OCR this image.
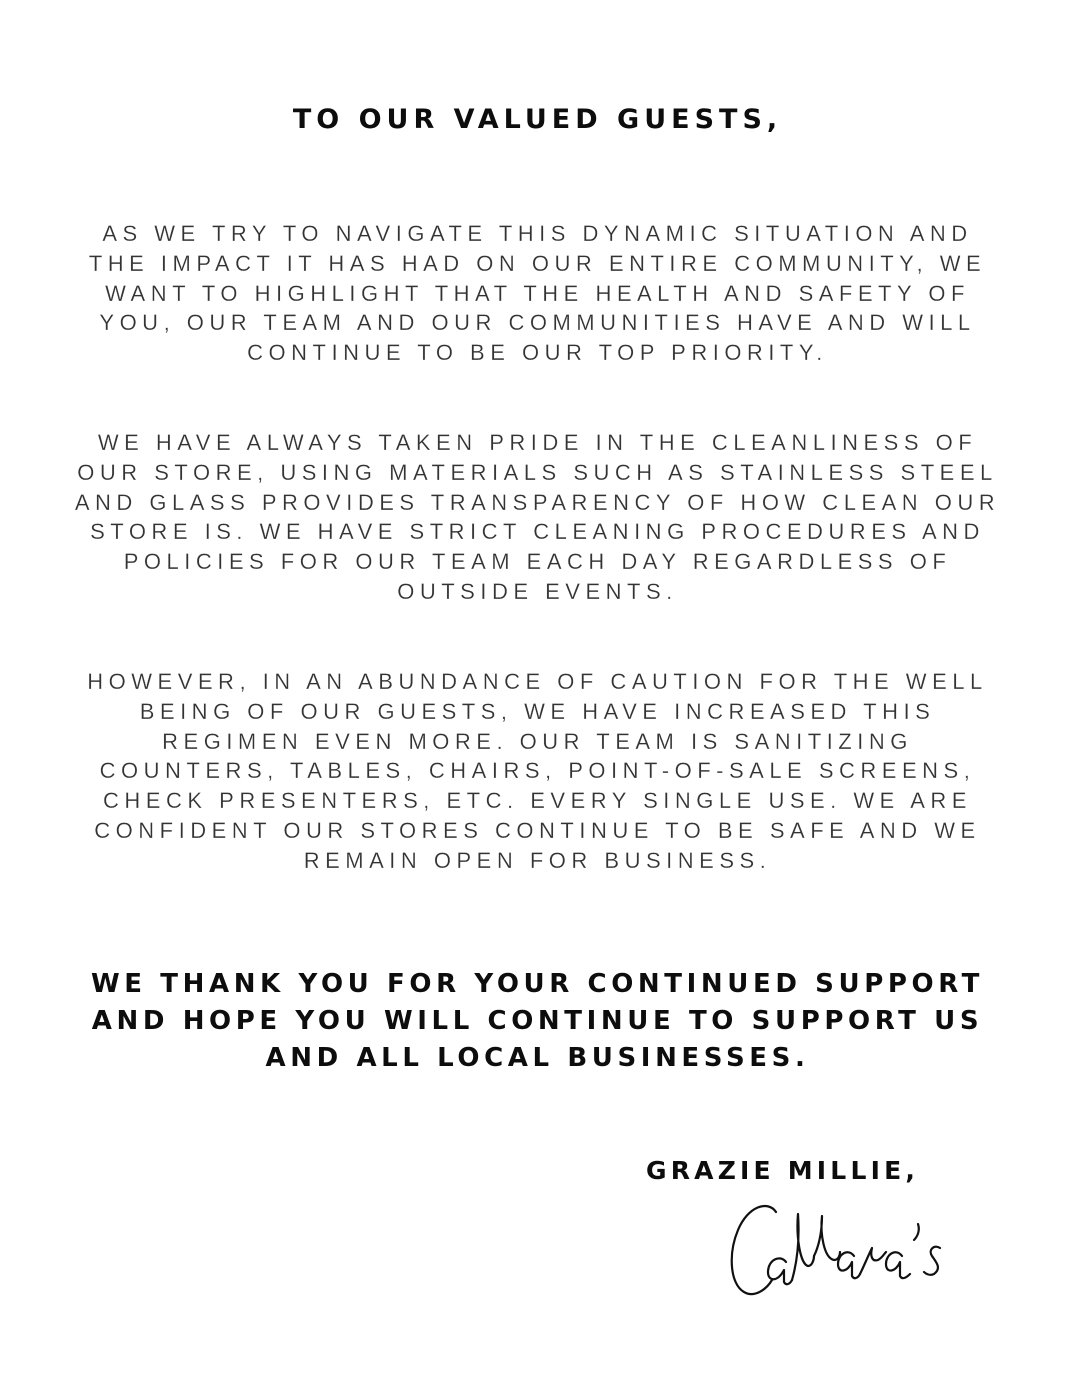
TO OUR VALUED GUESTS,
AS WE TRY TO NAVIGATE THIS DYNAMIC SITUATION AND
THE IMPACT IT HAS HAD ON OUR ENTIRE COMMUNITY, WE
WANT TO HIGHLIGHT THAT THE HEALTH AND SAFETY OF
YOU, OUR TEAM AND OUR COMMUNITIES HAVE AND WILL
CONTINUE TO BE OUR TOP PRIORITY.
WE HAVE ALWAYS TAKEN PRIDE IN THE CLEANLINESS OF
OUR STORE, USING MATERIALS SUCH AS STAINLESS STEEL
AND GLASS PROVIDES TRANSPARENCY OF HOW CLEAN OUR
STORE IS. WE HAVE STRICT CLEANING PROCEDURES AND
POLICIES FOR OUR TEAM EACH DAY REGARDLESS OF
OUTSIDE EVENTS.
HOWEVER, IN AN ABUNDANCE OF CAUTION FOR THE WELL
BEING OF OUR GUESTS, WE HAVE INCREASED THIS
REGIMEN EVEN MORE. OUR TEAM IS SANITIZING
COUNTERS, TABLES, CHAIRS, POINT-OF-SALE SCREENS,
CHECK PRESENTERS, ETC. EVERY SINGLE USE. WE ARE
CONFIDENT OUR STORES CONTINUE TO BE SAFE AND WE
REMAIN OPEN FOR BUSINESS.
WE THANK YOU FOR YOUR CONTINUED SUPPORT
AND HOPE YOU WILL CONTINUE TO SUPPORT US
AND ALL LOCAL BUSINESSES.
GRAZIE MILLIE,
